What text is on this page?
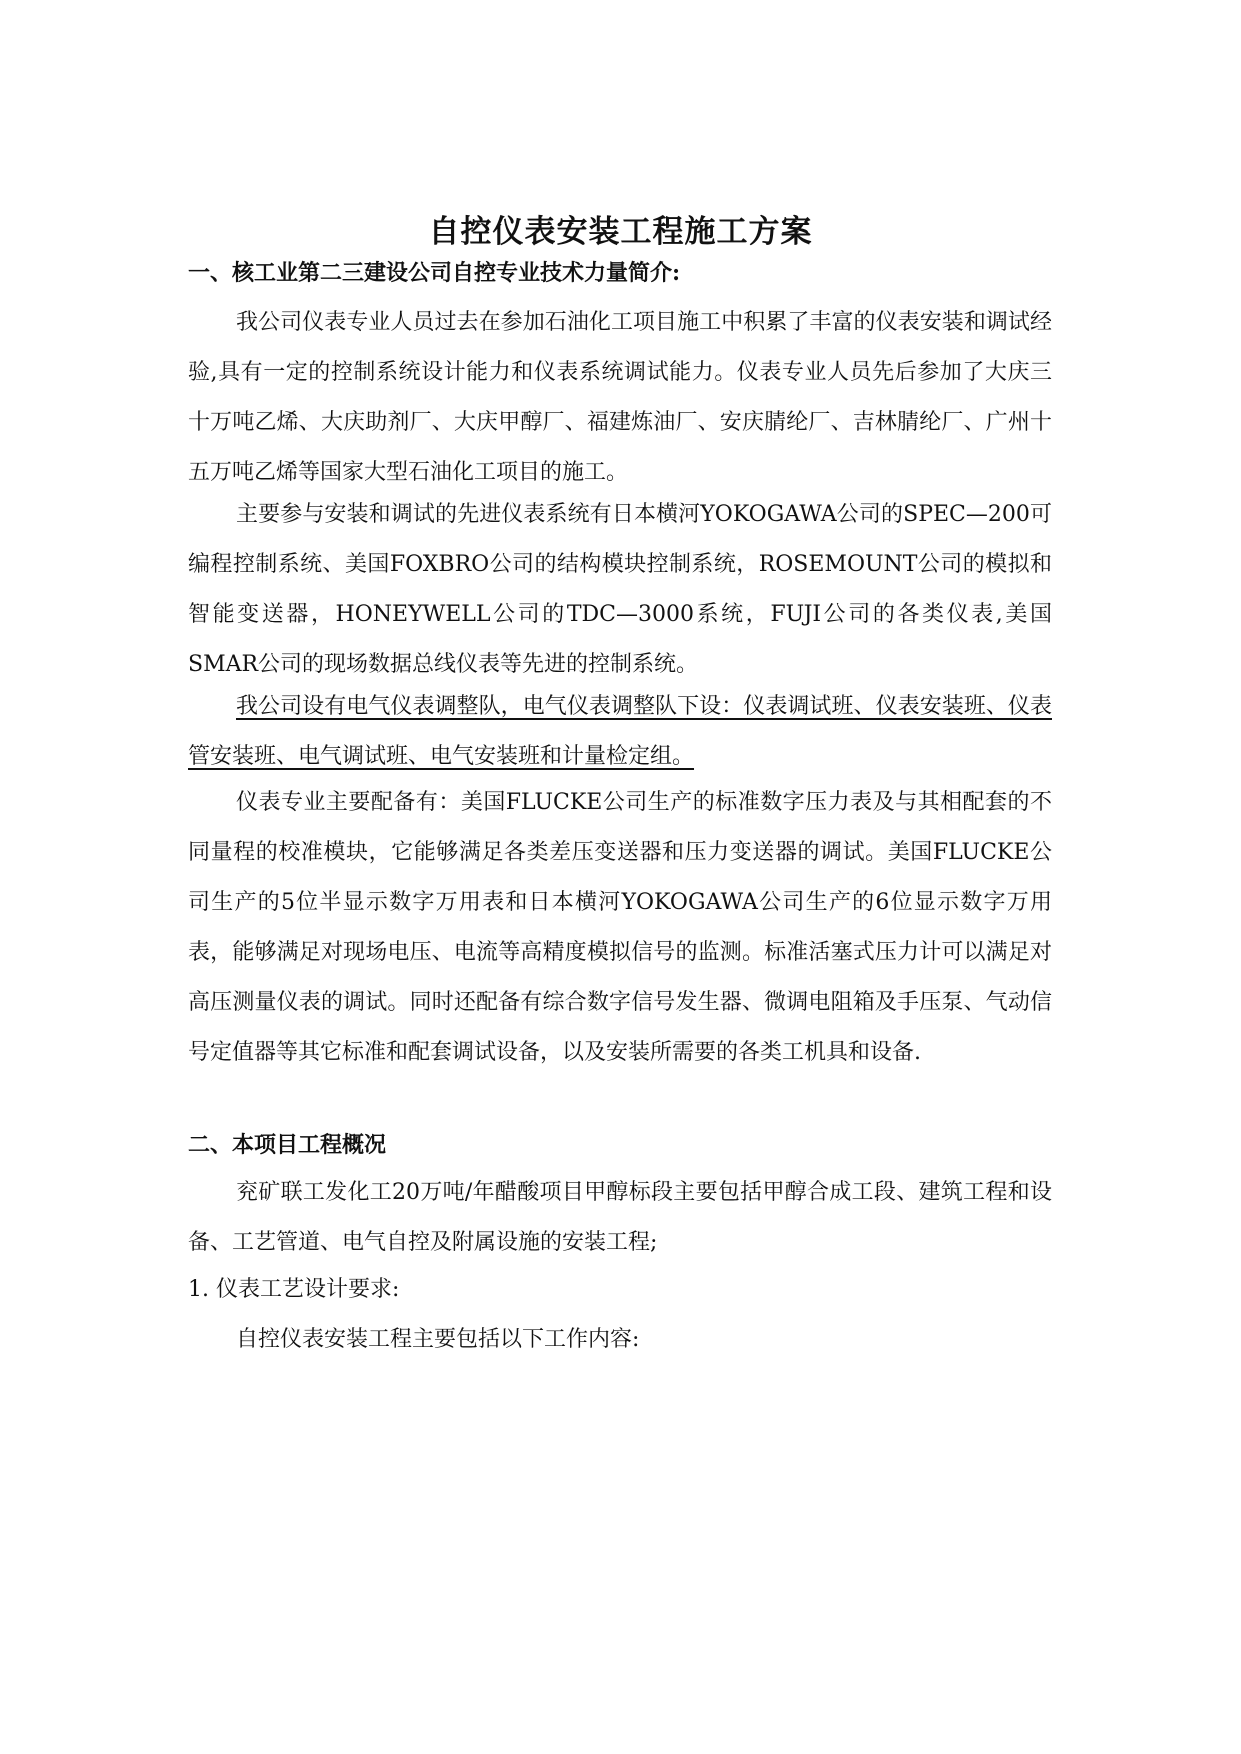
自控仪表安装工程施工方案
一、核工业第二三建设公司自控专业技术力量简介:
我公司仪表专业人员过去在参加石油化工项目施工中积累了丰富的仪表安装和调试经验,具有一定的控制系统设计能力和仪表系统调试能力。仪表专业人员先后参加了大庆三十万吨乙烯、大庆助剂厂、大庆甲醇厂、福建炼油厂、安庆腈纶厂、吉林腈纶厂、广州十五万吨乙烯等国家大型石油化工项目的施工。
主要参与安装和调试的先进仪表系统有日本横河YOKOGAWA公司的SPEC—200可编程控制系统、美国FOXBRO公司的结构模块控制系统，ROSEMOUNT公司的模拟和智能变送器，HONEYWELL公司的TDC—3000系统，FUJI公司的各类仪表,美国SMAR公司的现场数据总线仪表等先进的控制系统。
我公司设有电气仪表调整队，电气仪表调整队下设：仪表调试班、仪表安装班、仪表管安装班、电气调试班、电气安装班和计量检定组。
仪表专业主要配备有：美国FLUCKE公司生产的标准数字压力表及与其相配套的不同量程的校准模块，它能够满足各类差压变送器和压力变送器的调试。美国FLUCKE公司生产的5位半显示数字万用表和日本横河YOKOGAWA公司生产的6位显示数字万用表，能够满足对现场电压、电流等高精度模拟信号的监测。标准活塞式压力计可以满足对高压测量仪表的调试。同时还配备有综合数字信号发生器、微调电阻箱及手压泵、气动信号定值器等其它标准和配套调试设备，以及安装所需要的各类工机具和设备.
二、本项目工程概况
兖矿联工发化工20万吨/年醋酸项目甲醇标段主要包括甲醇合成工段、建筑工程和设备、工艺管道、电气自控及附属设施的安装工程;
1. 仪表工艺设计要求:
自控仪表安装工程主要包括以下工作内容:
